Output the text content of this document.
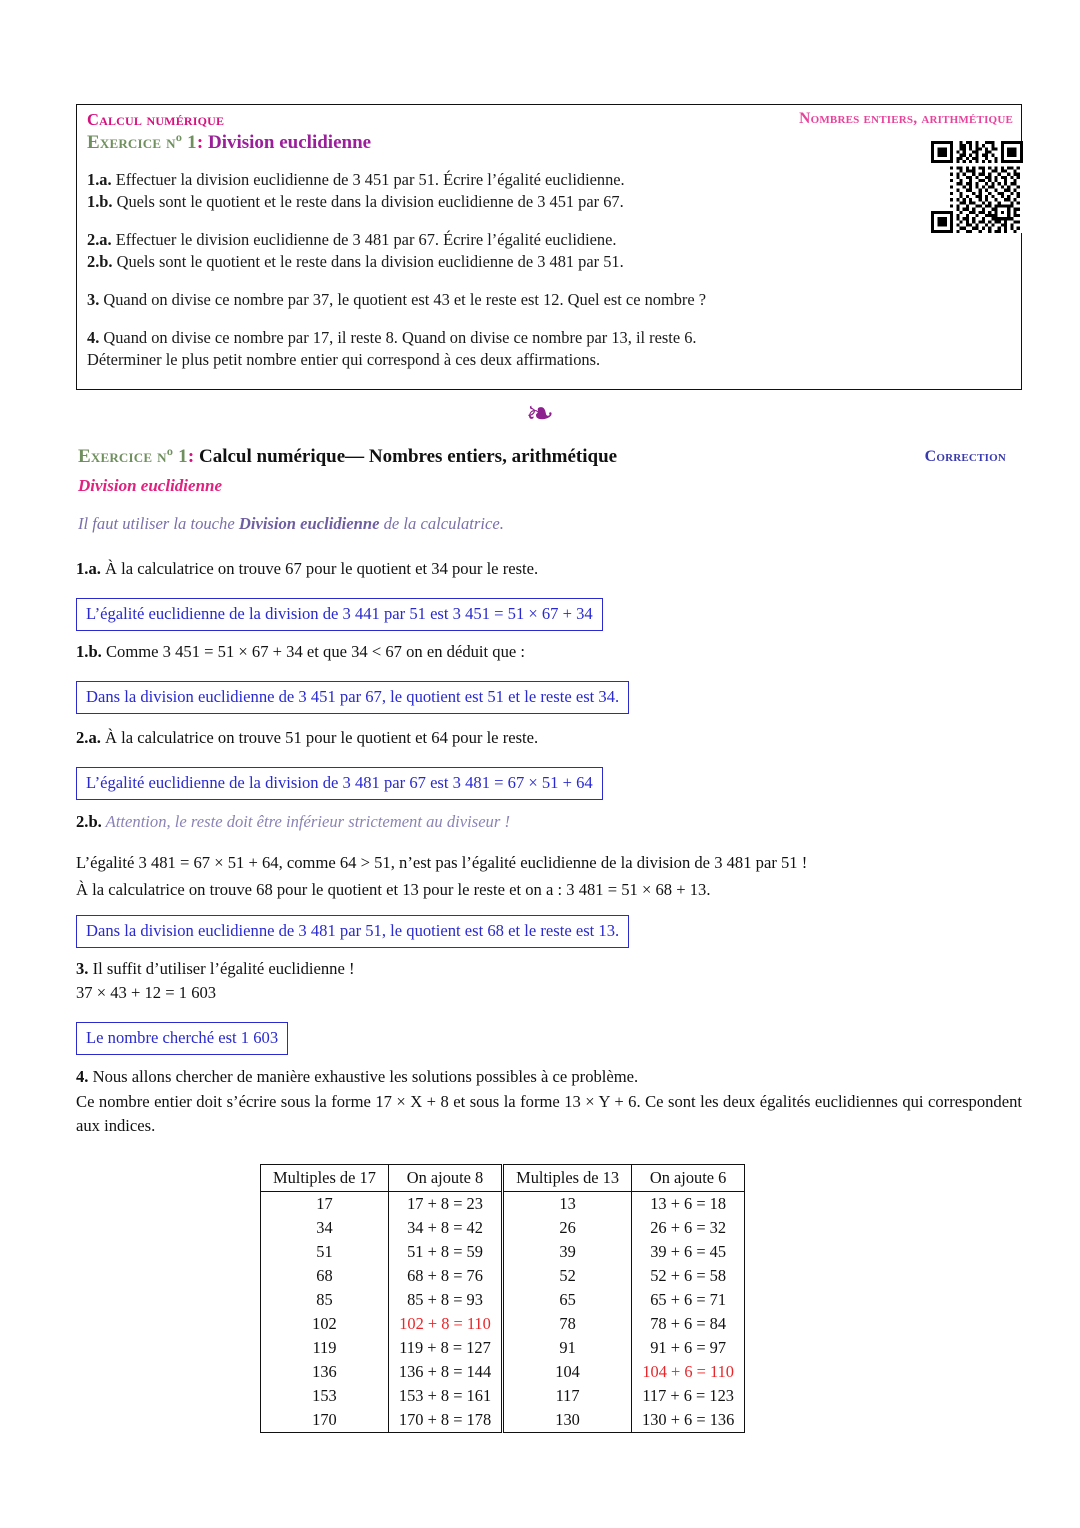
Calcul numérique	Nombres entiers, arithmétique
Exercice nº 1: Division euclidienne

1.a. Effectuer la division euclidienne de 3 451 par 51. Écrire l’égalité euclidienne.

1.b. Quels sont le quotient et le reste dans la division euclidienne de 3 451 par 67.

2.a. Effectuer le division euclidienne de 3 481 par 67. Écrire l’égalité euclidiene.

2.b. Quels sont le quotient et le reste dans la division euclidienne de 3 481 par 51.

3. Quand on divise ce nombre par 37, le quotient est 43 et le reste est 12. Quel est ce nombre ?

4. Quand on divise ce nombre par 17, il reste 8. Quand on divise ce nombre par 13, il reste 6.

Déterminer le plus petit nombre entier qui correspond à ces deux affirmations.

❧
Exercice nº 1: Calcul numérique— Nombres entiers, arithmétique	Correction
Division euclidienne
Il faut utiliser la touche Division euclidienne de la calculatrice.
1.a. À la calculatrice on trouve 67 pour le quotient et 34 pour le reste.
L’égalité euclidienne de la division de 3 441 par 51 est 3 451 = 51 × 67 + 34
1.b. Comme 3 451 = 51 × 67 + 34 et que 34 < 67 on en déduit que :
Dans la division euclidienne de 3 451 par 67, le quotient est 51 et le reste est 34.
2.a. À la calculatrice on trouve 51 pour le quotient et 64 pour le reste.
L’égalité euclidienne de la division de 3 481 par 67 est 3 481 = 67 × 51 + 64
2.b. Attention, le reste doit être inférieur strictement au diviseur !
L’égalité 3 481 = 67 × 51 + 64, comme 64 > 51, n’est pas l’égalité euclidienne de la division de 3 481 par 51 !
À la calculatrice on trouve 68 pour le quotient et 13 pour le reste et on a : 3 481 = 51 × 68 + 13.
Dans la division euclidienne de 3 481 par 51, le quotient est 68 et le reste est 13.
3. Il suffit d’utiliser l’égalité euclidienne !
37 × 43 + 12 = 1 603
Le nombre cherché est 1 603
4. Nous allons chercher de manière exhaustive les solutions possibles à ce problème.
Ce nombre entier doit s’écrire sous la forme 17 × X + 8 et sous la forme 13 × Y + 6. Ce sont les deux égalités euclidiennes qui correspondent aux indices.
Multiples de 17	On ajoute 8	Multiples de 13	On ajoute 6
17	17 + 8 = 23	13	13 + 6 = 18
34	34 + 8 = 42	26	26 + 6 = 32
51	51 + 8 = 59	39	39 + 6 = 45
68	68 + 8 = 76	52	52 + 6 = 58
85	85 + 8 = 93	65	65 + 6 = 71
102	102 + 8 = 110	78	78 + 6 = 84
119	119 + 8 = 127	91	91 + 6 = 97
136	136 + 8 = 144	104	104 + 6 = 110
153	153 + 8 = 161	117	117 + 6 = 123
170	170 + 8 = 178	130	130 + 6 = 136
